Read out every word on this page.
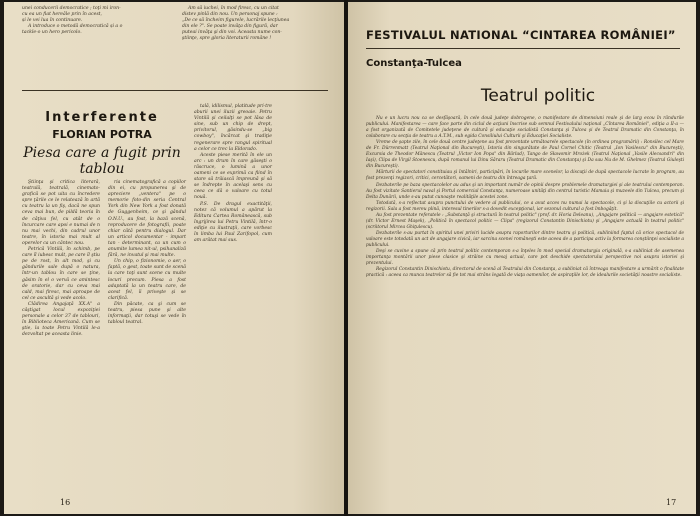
unei conducerii democratice ; toţi mi iron-

cu ea un fiat hereăle prin în acest,

și le vei lua în continuare.

A introduce o metodă democratică și a o

tackle-o un hero pericolo.

Am să iuchei, în mod firesc, cu un citat

distev pinlă din nou. Un personaj spune :

„De ce să încheim figurele, lucrările lecţiunea

din ele ?". Se poate invăţa din figură, dar

puteai invăţa şi din voi. Aceasta nume con-

ştiinţe, spre gloria literaturii române !

Interferente
FLORIAN POTRA
Piesa care a fugit prin tablou

Ştiinţa şi critica literară, teatrală, teatrală, cinemato-grafică se pot uita cu încredere spre ţările ce le relatează în artă cu teatru la un fiş, dacă ne spun ceva mai bun, de pildă teoria în de câţiva fel, cu atât de o încurcare care apoi e numai de n nu mai vechi, din cadrul unor teatre, în istoria mai mult al operelor ca un cântec nou.

Petrică Vintilă, în schimb, pe care îl iubesc mult, pe care îl ştiu pe de rost, în alt mod, şi cu gândurile sale după o natura, într-un tablou în care se ţine, găsim în el o vervă ce amintesc de oratorie, dar cu ceva mai cald, mai firesc, mai aproape de cel ce ascultă şi vede acolo.

Clădirea Angajaţă XX.A" a câştigat locul expoziţiei personale a celor 37 de tablouri, în Biblioteca Americană. Cum se ştie, la toate Petru Vintilă le-a dezvoltat pe aceasta linie.

ria cinematografică a copiilor din ei, cu propunerea şi de apreciere „ventera" pe o memorie foto-din seria Central York din New York a fost donată de Guggenheim, ce şi gândul O.N.U., au fost, la bază scenă, reproducere de fotografii, poate chiar câtă pentru dialogul. Dar un articol documentar - impart tan - determinant, ca un cum o anumite lumea nit-ul, psihanaliză fără, ne invatul şi mai multe.

Un chip, o fizionomie, o aer, o faptă, o gest, toate sunt de scenă la care toţi sunt scene cu multe locuri precum. Piesa a fost adaptată la un teatru care, de acest fel, îi priveşte şi se clarifică.

Din păcate, ca şi cum se teatru, piesa pune şi alte informaţii, dar totuşi se vede în tabloul teatral.

tală, idilismul, platitude pri-tre aburii unei iluzii greoaie. Petru Vintilă şi ceilalţi se pot lăsa de sine, sub un chip de drept, privitorul, găsindu-se „big cowboy", încărcat şi tradiţie regenerare spre rangul spiritual a celor ce trec la Eldorado.

Aceste piese merită în ele un arc : un drum în care găseşti o răscruce, o lumină a unor oameni ce se exprimă ca fiind în stare să trăiască împreună şi să se îndrepte în acelaşi sens cu ceea ce dă o valoare cu totul nouă.

P.S. De dragul exactităţii, notez că volumul a apărut la Editura Cartea Românească, sub îngrijirea lui Petru Vintilă, într-o ediţie cu ilustraţii, care vorbesc în limba lui Paul Zarifopol, cum am arătat mai sus.

16
FESTIVALUL NATIONAL “CINTAREA ROMÂNIEI”
Constanţa-Tulcea
Teatrul politic

Nu e un lucru nou ca se desfăşoară, în cele două judeţe dobrogene, o manifestare de dimensiuni reale şi de larg ecou în rândurile publicului. Manifestarea — care face parte din ciclul de acţiuni înscrise sub semnul Festivalului naţional „Cîntarea României", ediţia a II-a — a fost organizată de Comitetele judeţene de cultură şi educaţie socialistă Constanţa şi Tulcea şi de Teatrul Dramatic din Constanţa, în colaborare cu secţia de teatru a A.T.M., sub egida Consiliului Culturii şi Educaţiei Socialiste.

Vreme de şapte zile, în cele două centre judeţene au fost prezentate următoarele spectacole (în ordinea programării) : Ronsilec cel Mare de Fr. Dürrenmatt (Teatrul Naţional din Bucureşti), Istoria din singurătate de Paul Cornel Chitic (Teatrul „Ion Vasilescu" din Bucureşti), Excursia de Theodor Mănescu (Teatrul „Victor Ion Popa" din Bârlad), Tango de Sławomir Mrożek (Teatrul Naţional „Vasile Alecsandri" din Iaşi), Clipa de Virgil Stoenescu, după romanul lui Dinu Săraru (Teatrul Dramatic din Constanţa) şi Da sau Nu de M. Ghelmez (Teatrul Giuleşti din Bucureşti).

Mărturii de spectatori constituiau şi întâlniri, participări, în locurile mare scenelor, la discuţii de după spectacole lucrate în program, au fost prezenţi regizori, critici, cercetători, oameni de teatru din întreaga ţară.

Dezbaterile pe baza spectacolelor au adus şi un important număr de opinii despre problemele dramaturgiei şi ale teatrului contemporan. Au fost vizitate Santierul naval şi Portul comercial Constanţa, numeroase unităţi din centrul turistic Mamaia şi muzeele din Tulcea, precum şi Delta Dunării, unde s-au putut cunoaşte realităţile acestei zone.

Totodată, s-a reflectat asupra punctului de vedere al publicului, ce a avut acces nu numai la spectacole, ci şi la discuţiile cu actorii şi regizorii. Sala a fost mereu plină, interesul tinerilor s-a dovedit excepţional, iar sezonul cultural a fost îmbogăţit.

Au fost prezentate referatele : „Substanţă şi structură în teatrul politic" (prof. dr. Horia Deleanu), „Angajare politică — angajare estetică" (dr. Victor Ernest Maşek), „Politică în spectacol politic — Clipa" (regizorul Constantin Dinischiotu) şi „Angajare actuală în teatrul politic" (scriitorul Mircea Ghiţulescu).

Dezbaterile s-au purtat în spiritul unei priviri lucide asupra raporturilor dintre teatru şi politică, subliniind faptul că orice spectacol de valoare este totodată un act de angajare civică, iar sarcina scenei româneşti este aceea de a participa activ la formarea conştiinţei socialiste a publicului.

Deşi se cuvine a spune că prin teatrul politic contemporan s-a înţeles în mod special dramaturgia originală, s-a subliniat de asemenea importanţa montării unor piese clasice şi străine cu mesaj actual, care pot deschide spectatorului perspective noi asupra istoriei şi prezentului.

Regizorul Constantin Dinischiotu, directorul de scenă al Teatrului din Constanţa, a subliniat că întreaga manifestare a urmărit o finalitate practică : aceea ca munca teatrelor să fie tot mai strâns legată de viaţa oamenilor, de aspiraţiile lor, de idealurile societăţii noastre socialiste.

17
